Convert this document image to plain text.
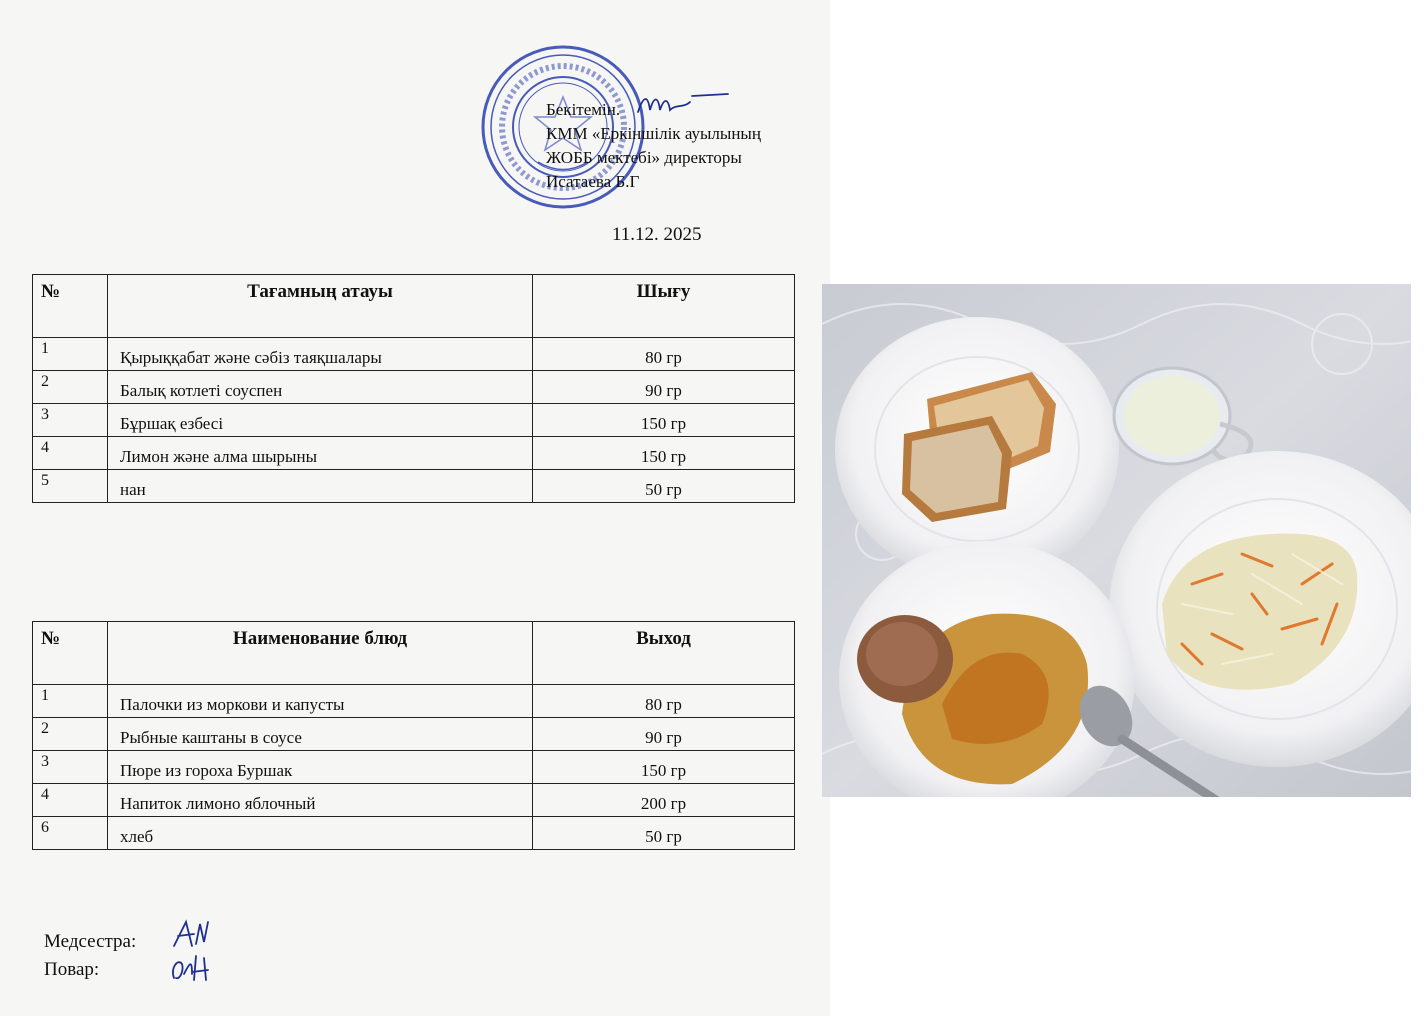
Бекітемін.
КММ «Еркіншілік ауылының
ЖОББ мектебі» директоры
Исатаева Б.Г
11.12. 2025
№	Тағамның атауы	Шығу
1	Қырыққабат және сәбіз таяқшалары	80 гр
2	Балық котлеті соуспен	90 гр
3	Бұршақ езбесі	150 гр
4	Лимон және алма шырыны	150 гр
5	нан	50 гр
№	Наименование блюд	Выход
1	Палочки из моркови и капусты	80 гр
2	Рыбные каштаны в соусе	90 гр
3	Пюре из гороха Буршак	150 гр
4	Напиток лимоно яблочный	200 гр
6	хлеб	50 гр
Медсестра:
Повар:
